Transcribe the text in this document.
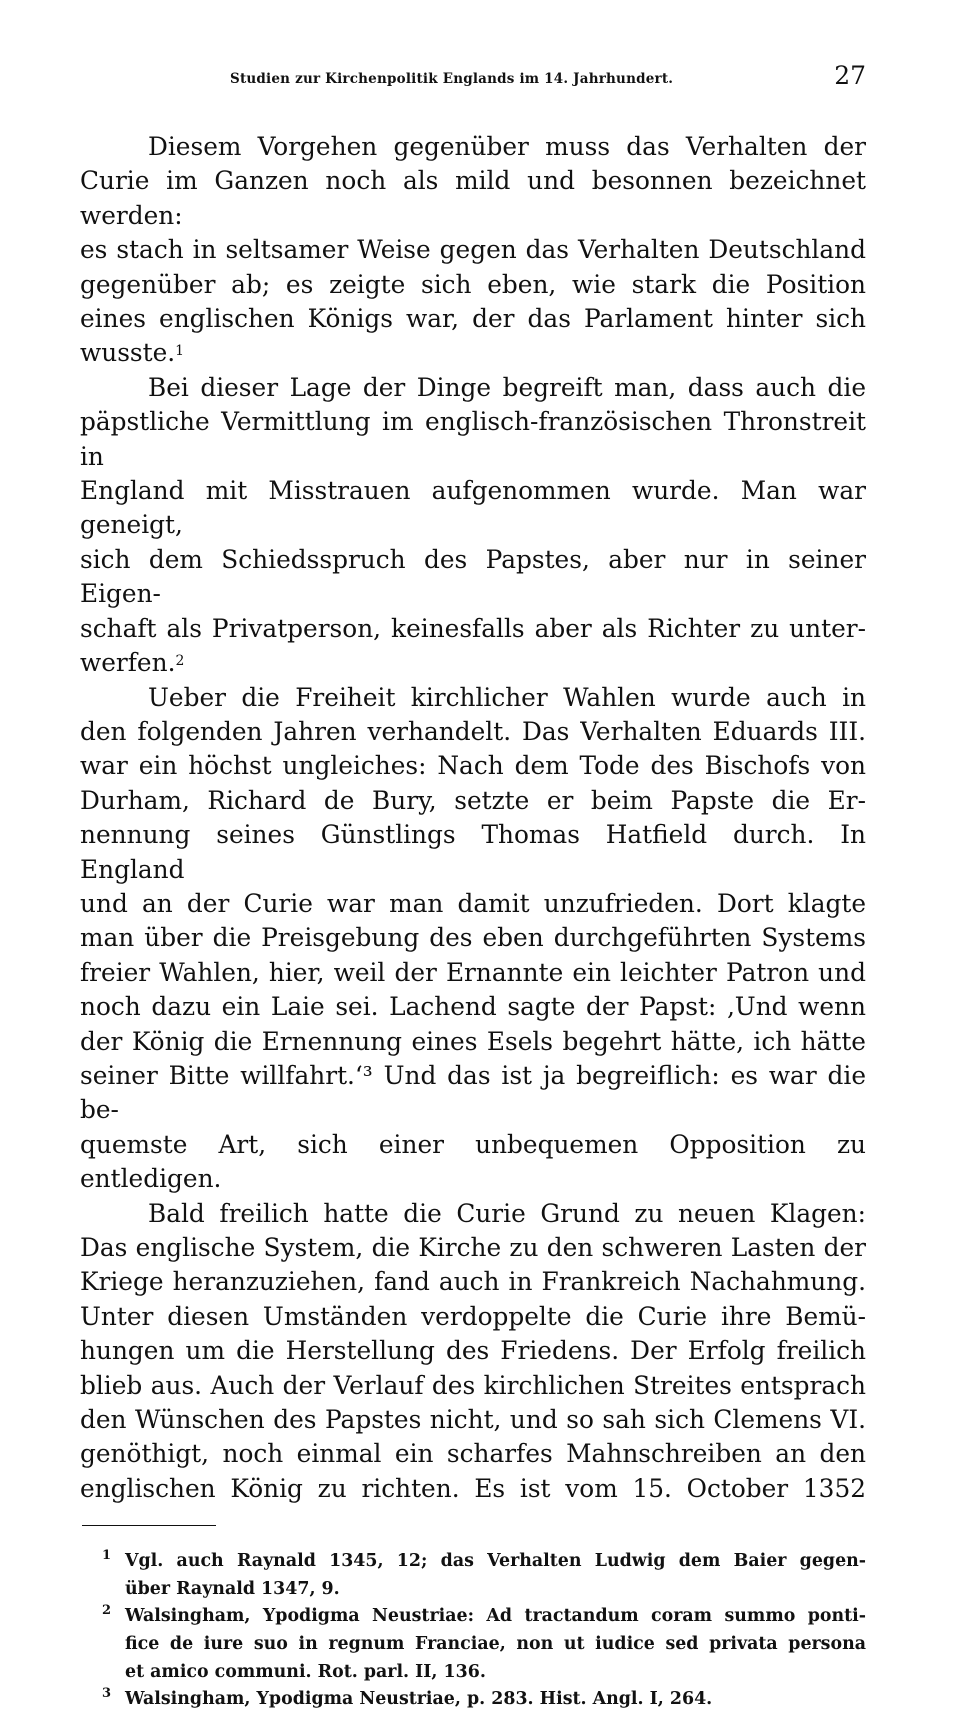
Studien zur Kirchenpolitik Englands im 14. Jahrhundert.	27

Diesem Vorgehen gegenüber muss das Verhalten der
Curie im Ganzen noch als mild und besonnen bezeichnet werden:
es stach in seltsamer Weise gegen das Verhalten Deutschland
gegenüber ab; es zeigte sich eben, wie stark die Position
eines englischen Königs war, der das Parlament hinter sich
wusste.$^1$

Bei dieser Lage der Dinge begreift man, dass auch die
päpstliche Vermittlung im englisch-französischen Thronstreit in
England mit Misstrauen aufgenommen wurde. Man war geneigt,
sich dem Schiedsspruch des Papstes, aber nur in seiner Eigen-
schaft als Privatperson, keinesfalls aber als Richter zu unter-
werfen.$^2$

Ueber die Freiheit kirchlicher Wahlen wurde auch in
den folgenden Jahren verhandelt. Das Verhalten Eduards III.
war ein höchst ungleiches: Nach dem Tode des Bischofs von
Durham, Richard de Bury, setzte er beim Papste die Er-
nennung seines Günstlings Thomas Hatfield durch. In England
und an der Curie war man damit unzufrieden. Dort klagte
man über die Preisgebung des eben durchgeführten Systems
freier Wahlen, hier, weil der Ernannte ein leichter Patron und
noch dazu ein Laie sei. Lachend sagte der Papst: ‚Und wenn
der König die Ernennung eines Esels begehrt hätte, ich hätte
seiner Bitte willfahrt.‘³ Und das ist ja begreiflich: es war die be-
quemste Art, sich einer unbequemen Opposition zu entledigen.

Bald freilich hatte die Curie Grund zu neuen Klagen:
Das englische System, die Kirche zu den schweren Lasten der
Kriege heranzuziehen, fand auch in Frankreich Nachahmung.
Unter diesen Umständen verdoppelte die Curie ihre Bemü-
hungen um die Herstellung des Friedens. Der Erfolg freilich
blieb aus. Auch der Verlauf des kirchlichen Streites entsprach
den Wünschen des Papstes nicht, und so sah sich Clemens VI.
genöthigt, noch einmal ein scharfes Mahnschreiben an den
englischen König zu richten. Es ist vom 15. October 1352

1 Vgl. auch Raynald 1345, 12; das Verhalten Ludwig dem Baier gegen-
über Raynald 1347, 9.
2 Walsingham, Ypodigma Neustriae: Ad tractandum coram summo ponti-
fice de iure suo in regnum Franciae, non ut iudice sed privata persona
et amico communi. Rot. parl. II, 136.
3 Walsingham, Ypodigma Neustriae, p. 283. Hist. Angl. I, 264.
